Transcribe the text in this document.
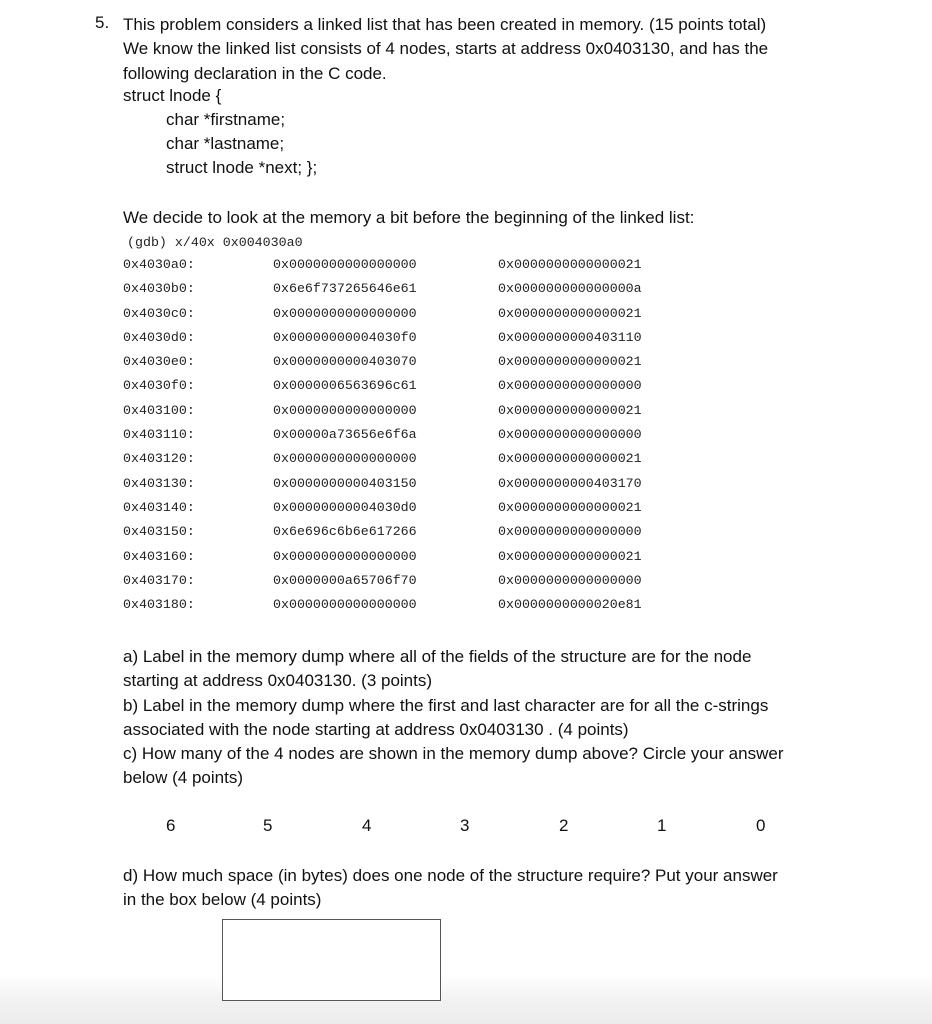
5. This problem considers a linked list that has been created in memory. (15 points total)
We know the linked list consists of 4 nodes, starts at address 0x0403130, and has the
following declaration in the C code.
struct lnode {
char *firstname;
char *lastname;
struct lnode *next; };
We decide to look at the memory a bit before the beginning of the linked list:
(gdb) x/40x 0x004030a0
0x4030a0:	0x0000000000000000	0x0000000000000021
0x4030b0:	0x6e6f737265646e61	0x000000000000000a
0x4030c0:	0x0000000000000000	0x0000000000000021
0x4030d0:	0x00000000004030f0	0x0000000000403110
0x4030e0:	0x0000000000403070	0x0000000000000021
0x4030f0:	0x0000006563696c61	0x0000000000000000
0x403100:	0x0000000000000000	0x0000000000000021
0x403110:	0x00000a73656e6f6a	0x0000000000000000
0x403120:	0x0000000000000000	0x0000000000000021
0x403130:	0x0000000000403150	0x0000000000403170
0x403140:	0x00000000004030d0	0x0000000000000021
0x403150:	0x6e696c6b6e617266	0x0000000000000000
0x403160:	0x0000000000000000	0x0000000000000021
0x403170:	0x0000000a65706f70	0x0000000000000000
0x403180:	0x0000000000000000	0x0000000000020e81
a) Label in the memory dump where all of the fields of the structure are for the node
starting at address 0x0403130. (3 points)
b) Label in the memory dump where the first and last character are for all the c-strings
associated with the node starting at address 0x0403130 . (4 points)
c) How many of the 4 nodes are shown in the memory dump above? Circle your answer
below (4 points)
6	5	4	3	2	1	0
d) How much space (in bytes) does one node of the structure require? Put your answer
in the box below (4 points)
